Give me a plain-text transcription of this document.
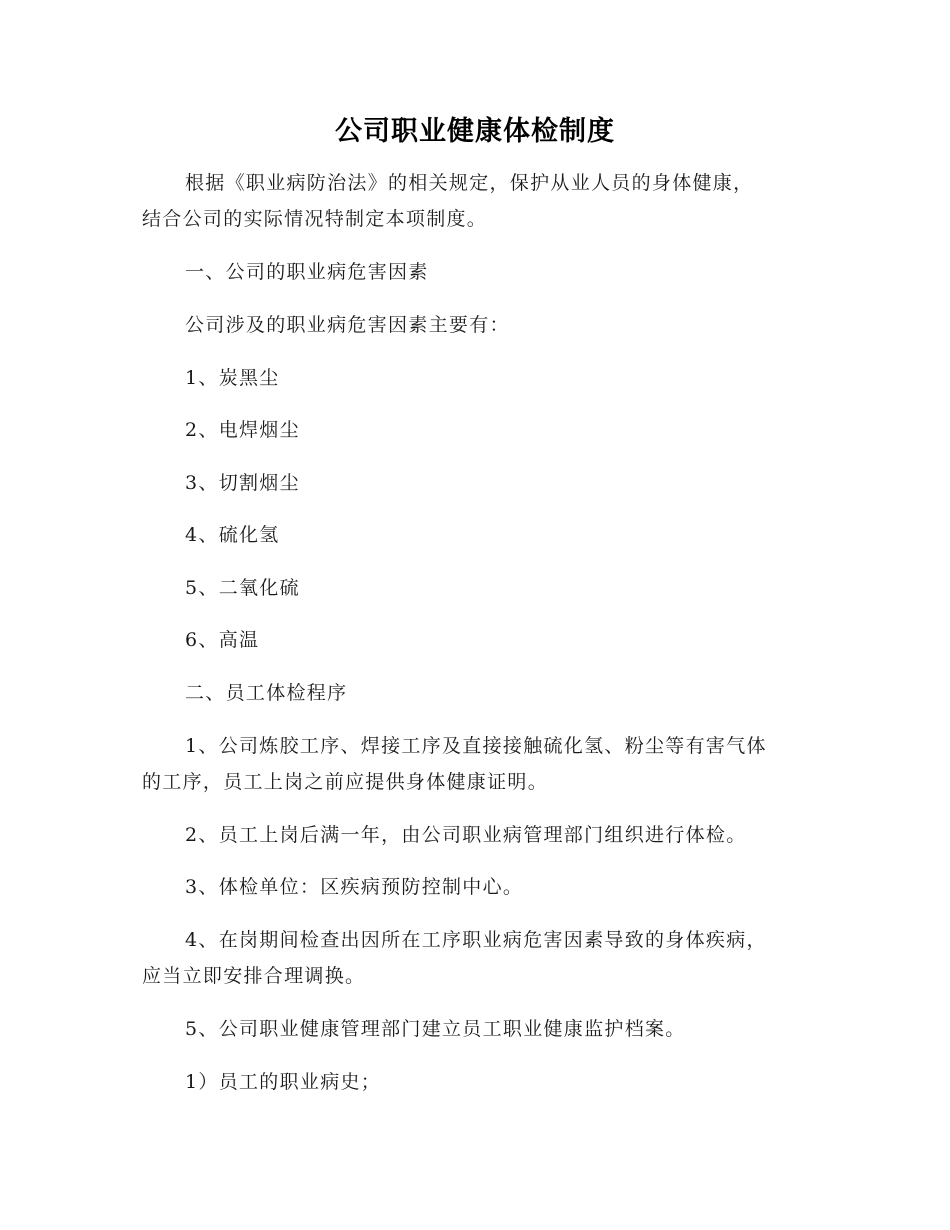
公司职业健康体检制度
根据《职业病防治法》的相关规定，保护从业人员的身体健康，
结合公司的实际情况特制定本项制度。
一、公司的职业病危害因素
公司涉及的职业病危害因素主要有：
1、炭黑尘
2、电焊烟尘
3、切割烟尘
4、硫化氢
5、二氧化硫
6、高温
二、员工体检程序
1、公司炼胶工序、焊接工序及直接接触硫化氢、粉尘等有害气体
的工序，员工上岗之前应提供身体健康证明。
2、员工上岗后满一年，由公司职业病管理部门组织进行体检。
3、体检单位：区疾病预防控制中心。
4、在岗期间检查出因所在工序职业病危害因素导致的身体疾病，
应当立即安排合理调换。
5、公司职业健康管理部门建立员工职业健康监护档案。
1）员工的职业病史；
